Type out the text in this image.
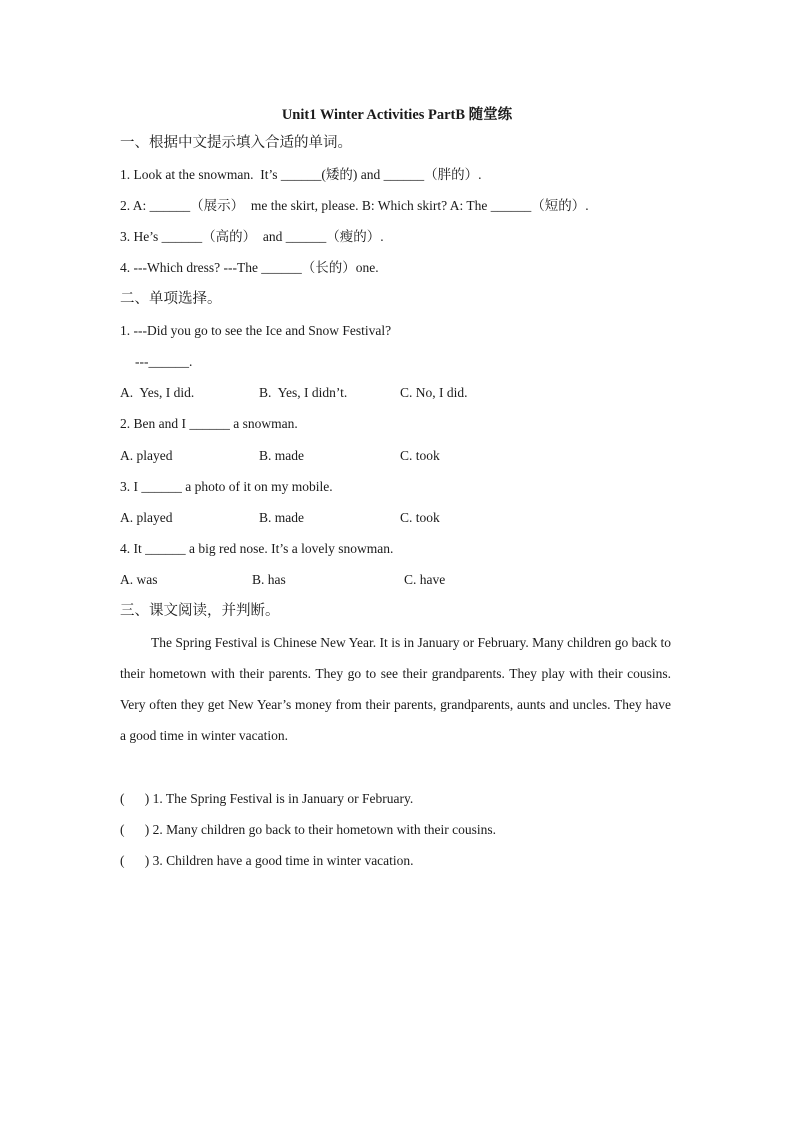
Unit1 Winter Activities PartB 随堂练
一、根据中文提示填入合适的单词。
1. Look at the snowman.  It’s ______(矮的) and ______（胖的）.
2. A: ______（展示）  me the skirt, please. B: Which skirt? A: The ______（短的）.
3. He’s ______（高的）  and ______（瘦的）.
4. ---Which dress? ---The ______（长的）one.
二、单项选择。
1. ---Did you go to see the Ice and Snow Festival?
---______.
A.  Yes, I did.	B.  Yes, I didn’t.	C. No, I did.
2. Ben and I ______ a snowman.
A. played	B. made	C. took
3. I ______ a photo of it on my mobile.
A. played	B. made	C. took
4. It ______ a big red nose. It’s a lovely snowman.
A. was	B. has	C. have
三、课文阅读，并判断。
The Spring Festival is Chinese New Year. It is in January or February. Many children go back to their hometown with their parents. They go to see their grandparents. They play with their cousins. Very often they get New Year’s money from their parents, grandparents, aunts and uncles. They have a good time in winter vacation.
(      ) 1. The Spring Festival is in January or February.
(      ) 2. Many children go back to their hometown with their cousins.
(      ) 3. Children have a good time in winter vacation.
